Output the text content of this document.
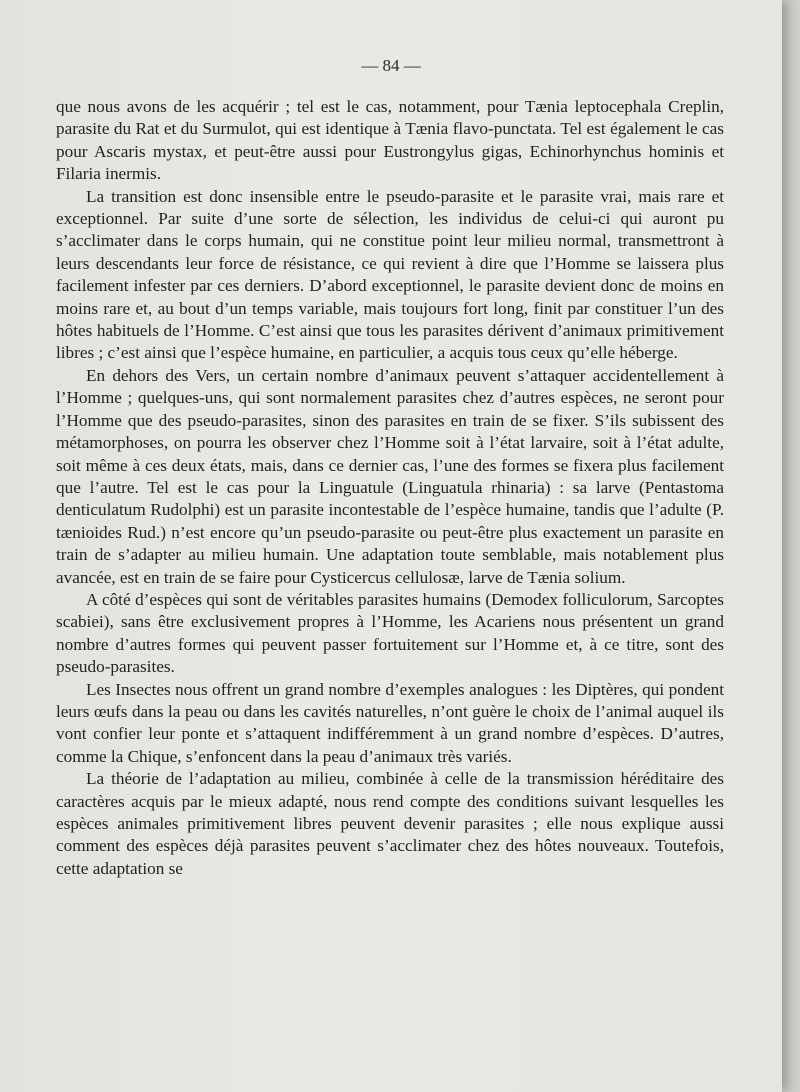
— 84 —

que nous avons de les acquérir ; tel est le cas, notamment, pour Tænia leptocephala Creplin, parasite du Rat et du Surmulot, qui est identique à Tænia flavo-punctata. Tel est également le cas pour Ascaris mystax, et peut-être aussi pour Eustrongylus gigas, Echinorhynchus hominis et Filaria inermis.

La transition est donc insensible entre le pseudo-parasite et le parasite vrai, mais rare et exceptionnel. Par suite d’une sorte de sélection, les individus de celui-ci qui auront pu s’acclimater dans le corps humain, qui ne constitue point leur milieu normal, transmettront à leurs descendants leur force de résistance, ce qui revient à dire que l’Homme se laissera plus facilement infester par ces derniers. D’abord exceptionnel, le parasite devient donc de moins en moins rare et, au bout d’un temps variable, mais toujours fort long, finit par constituer l’un des hôtes habituels de l’Homme. C’est ainsi que tous les parasites dérivent d’animaux primitivement libres ; c’est ainsi que l’espèce humaine, en particulier, a acquis tous ceux qu’elle héberge.

En dehors des Vers, un certain nombre d’animaux peuvent s’attaquer accidentellement à l’Homme ; quelques-uns, qui sont normalement parasites chez d’autres espèces, ne seront pour l’Homme que des pseudo-parasites, sinon des parasites en train de se fixer. S’ils subissent des métamorphoses, on pourra les observer chez l’Homme soit à l’état larvaire, soit à l’état adulte, soit même à ces deux états, mais, dans ce dernier cas, l’une des formes se fixera plus facilement que l’autre. Tel est le cas pour la Linguatule (Linguatula rhinaria) : sa larve (Pentastoma denticulatum Rudolphi) est un parasite incontestable de l’espèce humaine, tandis que l’adulte (P. tænioides Rud.) n’est encore qu’un pseudo-parasite ou peut-être plus exactement un parasite en train de s’adapter au milieu humain. Une adaptation toute semblable, mais notablement plus avancée, est en train de se faire pour Cysticercus cellulosæ, larve de Tænia solium.

A côté d’espèces qui sont de véritables parasites humains (Demodex folliculorum, Sarcoptes scabiei), sans être exclusivement propres à l’Homme, les Acariens nous présentent un grand nombre d’autres formes qui peuvent passer fortuitement sur l’Homme et, à ce titre, sont des pseudo-parasites.

Les Insectes nous offrent un grand nombre d’exemples analogues : les Diptères, qui pondent leurs œufs dans la peau ou dans les cavités naturelles, n’ont guère le choix de l’animal auquel ils vont confier leur ponte et s’attaquent indifféremment à un grand nombre d’espèces. D’autres, comme la Chique, s’enfoncent dans la peau d’animaux très variés.

La théorie de l’adaptation au milieu, combinée à celle de la transmission héréditaire des caractères acquis par le mieux adapté, nous rend compte des conditions suivant lesquelles les espèces animales primitivement libres peuvent devenir parasites ; elle nous explique aussi comment des espèces déjà parasites peuvent s’acclimater chez des hôtes nouveaux. Toutefois, cette adaptation se
